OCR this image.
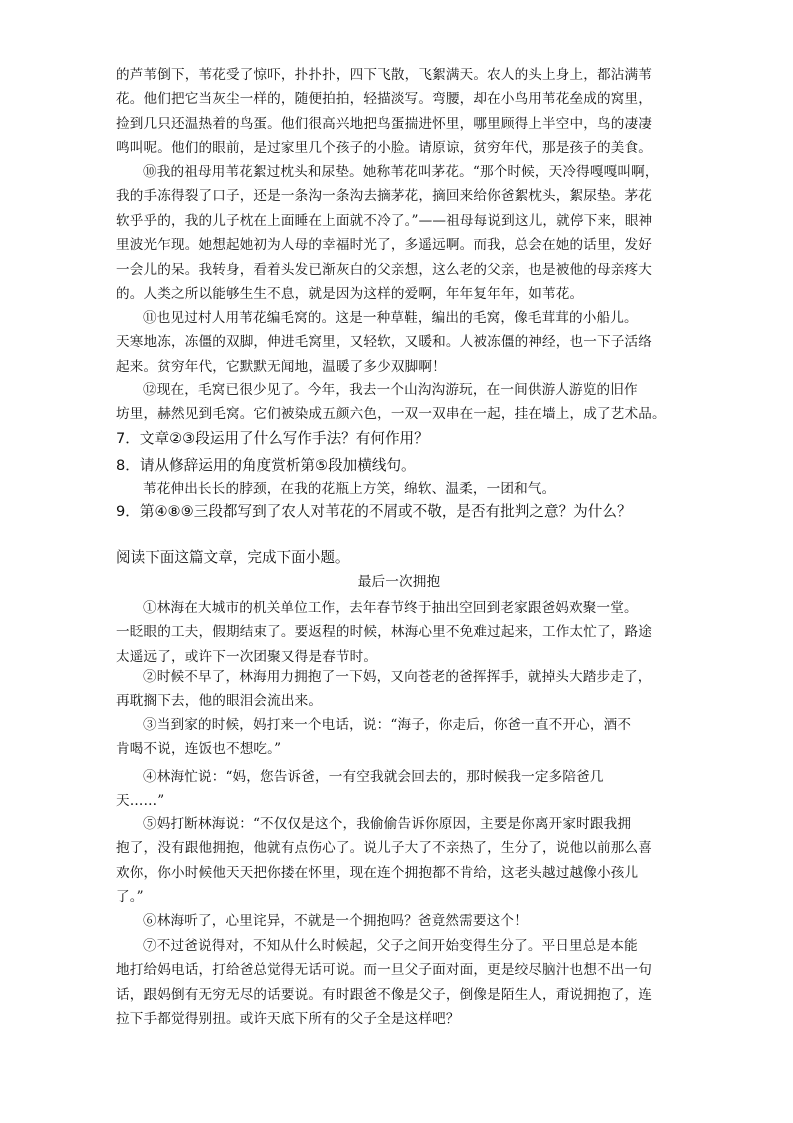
的芦苇倒下，苇花受了惊吓，扑扑扑，四下飞散，飞絮满天。农人的头上身上，都沾满苇

花。他们把它当灰尘一样的，随便拍拍，轻描淡写。弯腰，却在小鸟用苇花垒成的窝里，

捡到几只还温热着的鸟蛋。他们很高兴地把鸟蛋揣进怀里，哪里顾得上半空中，鸟的凄凄

鸣叫呢。他们的眼前，是过家里几个孩子的小脸。请原谅，贫穷年代，那是孩子的美食。

⑩我的祖母用苇花絮过枕头和尿垫。她称苇花叫茅花。“那个时候，天冷得嘎嘎叫啊，

我的手冻得裂了口子，还是一条沟一条沟去摘茅花，摘回来给你爸絮枕头，絮尿垫。茅花

软乎乎的，我的儿子枕在上面睡在上面就不冷了。”——祖母每说到这儿，就停下来，眼神

里波光乍现。她想起她初为人母的幸福时光了，多遥远啊。而我，总会在她的话里，发好

一会儿的呆。我转身，看着头发已渐灰白的父亲想，这么老的父亲，也是被他的母亲疼大

的。人类之所以能够生生不息，就是因为这样的爱啊，年年复年年，如苇花。

⑪也见过村人用苇花编毛窝的。这是一种草鞋，编出的毛窝，像毛茸茸的小船儿。

天寒地冻，冻僵的双脚，伸进毛窝里，又轻软，又暖和。人被冻僵的神经，也一下子活络

起来。贫穷年代，它默默无闻地，温暖了多少双脚啊！

⑫现在，毛窝已很少见了。今年，我去一个山沟沟游玩，在一间供游人游览的旧作

坊里，赫然见到毛窝。它们被染成五颜六色，一双一双串在一起，挂在墙上，成了艺术品。

7．文章②③段运用了什么写作手法？有何作用？

8．请从修辞运用的角度赏析第⑤段加横线句。

苇花伸出长长的脖颈，在我的花瓶上方笑，绵软、温柔，一团和气。

9．第④⑧⑨三段都写到了农人对苇花的不屑或不敬，是否有批判之意？为什么？

阅读下面这篇文章，完成下面小题。

最后一次拥抱

①林海在大城市的机关单位工作，去年春节终于抽出空回到老家跟爸妈欢聚一堂。

一眨眼的工夫，假期结束了。要返程的时候，林海心里不免难过起来，工作太忙了，路途

太遥远了，或许下一次团聚又得是春节时。

②时候不早了，林海用力拥抱了一下妈，又向苍老的爸挥挥手，就掉头大踏步走了，

再耽搁下去，他的眼泪会流出来。

③当到家的时候，妈打来一个电话，说：“海子，你走后，你爸一直不开心，酒不

肯喝不说，连饭也不想吃。”

④林海忙说：“妈，您告诉爸，一有空我就会回去的，那时候我一定多陪爸几

天……”

⑤妈打断林海说：“不仅仅是这个，我偷偷告诉你原因，主要是你离开家时跟我拥

抱了，没有跟他拥抱，他就有点伤心了。说儿子大了不亲热了，生分了，说他以前那么喜

欢你，你小时候他天天把你搂在怀里，现在连个拥抱都不肯给，这老头越过越像小孩儿

了。”

⑥林海听了，心里诧异，不就是一个拥抱吗？爸竟然需要这个！

⑦不过爸说得对，不知从什么时候起，父子之间开始变得生分了。平日里总是本能

地打给妈电话，打给爸总觉得无话可说。而一旦父子面对面，更是绞尽脑汁也想不出一句

话，跟妈倒有无穷无尽的话要说。有时跟爸不像是父子，倒像是陌生人，甭说拥抱了，连

拉下手都觉得别扭。或许天底下所有的父子全是这样吧？
